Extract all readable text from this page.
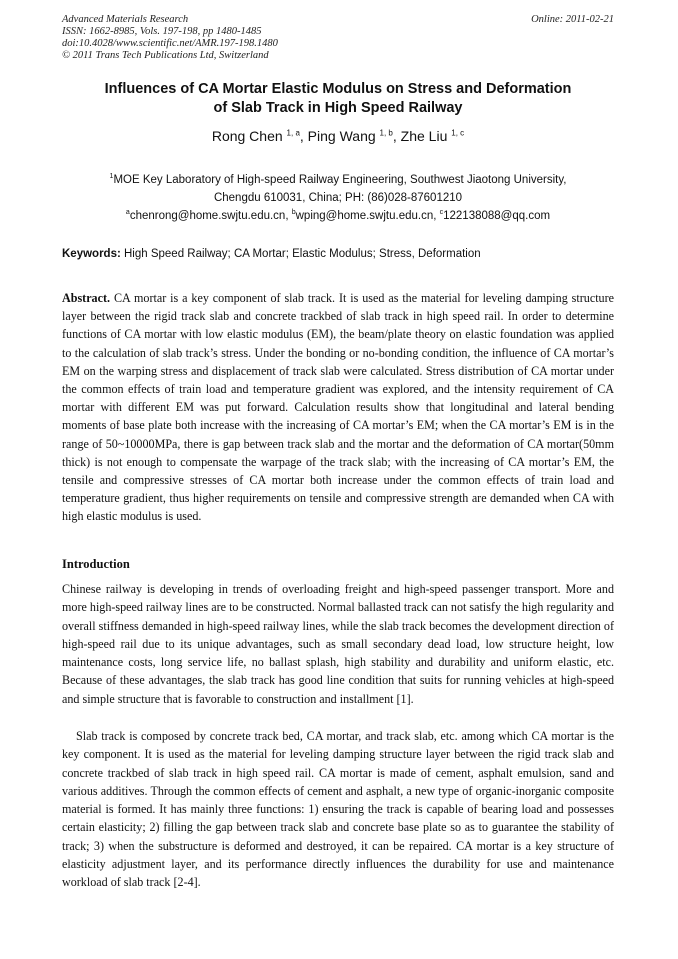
Advanced Materials Research
ISSN: 1662-8985, Vols. 197-198, pp 1480-1485
doi:10.4028/www.scientific.net/AMR.197-198.1480
© 2011 Trans Tech Publications Ltd, Switzerland
Online: 2011-02-21
Influences of CA Mortar Elastic Modulus on Stress and Deformation
of Slab Track in High Speed Railway
Rong Chen $^{1, a}$, Ping Wang $^{1, b}$, Zhe Liu $^{1, c}$
$^1$MOE Key Laboratory of High-speed Railway Engineering, Southwest Jiaotong University,
Chengdu 610031, China; PH: (86)028-87601210
$^a$chenrong@home.swjtu.edu.cn, $^b$wping@home.swjtu.edu.cn, $^c$122138088@qq.com
Keywords: High Speed Railway; CA Mortar; Elastic Modulus; Stress, Deformation
Abstract. CA mortar is a key component of slab track. It is used as the material for leveling damping structure layer between the rigid track slab and concrete trackbed of slab track in high speed rail. In order to determine functions of CA mortar with low elastic modulus (EM), the beam/plate theory on elastic foundation was applied to the calculation of slab track’s stress. Under the bonding or no-bonding condition, the influence of CA mortar’s EM on the warping stress and displacement of track slab were calculated. Stress distribution of CA mortar under the common effects of train load and temperature gradient was explored, and the intensity requirement of CA mortar with different EM was put forward. Calculation results show that longitudinal and lateral bending moments of base plate both increase with the increasing of CA mortar’s EM; when the CA mortar’s EM is in the range of 50~10000MPa, there is gap between track slab and the mortar and the deformation of CA mortar(50mm thick) is not enough to compensate the warpage of the track slab; with the increasing of CA mortar’s EM, the tensile and compressive stresses of CA mortar both increase under the common effects of train load and temperature gradient, thus higher requirements on tensile and compressive strength are demanded when CA with high elastic modulus is used.
Introduction
Chinese railway is developing in trends of overloading freight and high-speed passenger transport. More and more high-speed railway lines are to be constructed. Normal ballasted track can not satisfy the high regularity and overall stiffness demanded in high-speed railway lines, while the slab track becomes the development direction of high-speed rail due to its unique advantages, such as small secondary dead load, low structure height, low maintenance costs, long service life, no ballast splash, high stability and durability and uniform elastic, etc. Because of these advantages, the slab track has good line condition that suits for running vehicles at high-speed and simple structure that is favorable to construction and installment [1].
Slab track is composed by concrete track bed, CA mortar, and track slab, etc. among which CA mortar is the key component. It is used as the material for leveling damping structure layer between the rigid track slab and concrete trackbed of slab track in high speed rail. CA mortar is made of cement, asphalt emulsion, sand and various additives. Through the common effects of cement and asphalt, a new type of organic-inorganic composite material is formed. It has mainly three functions: 1) ensuring the track is capable of bearing load and possesses certain elasticity; 2) filling the gap between track slab and concrete base plate so as to guarantee the stability of track; 3) when the substructure is deformed and destroyed, it can be repaired. CA mortar is a key structure of elasticity adjustment layer, and its performance directly influences the durability for use and maintenance workload of slab track [2-4].
